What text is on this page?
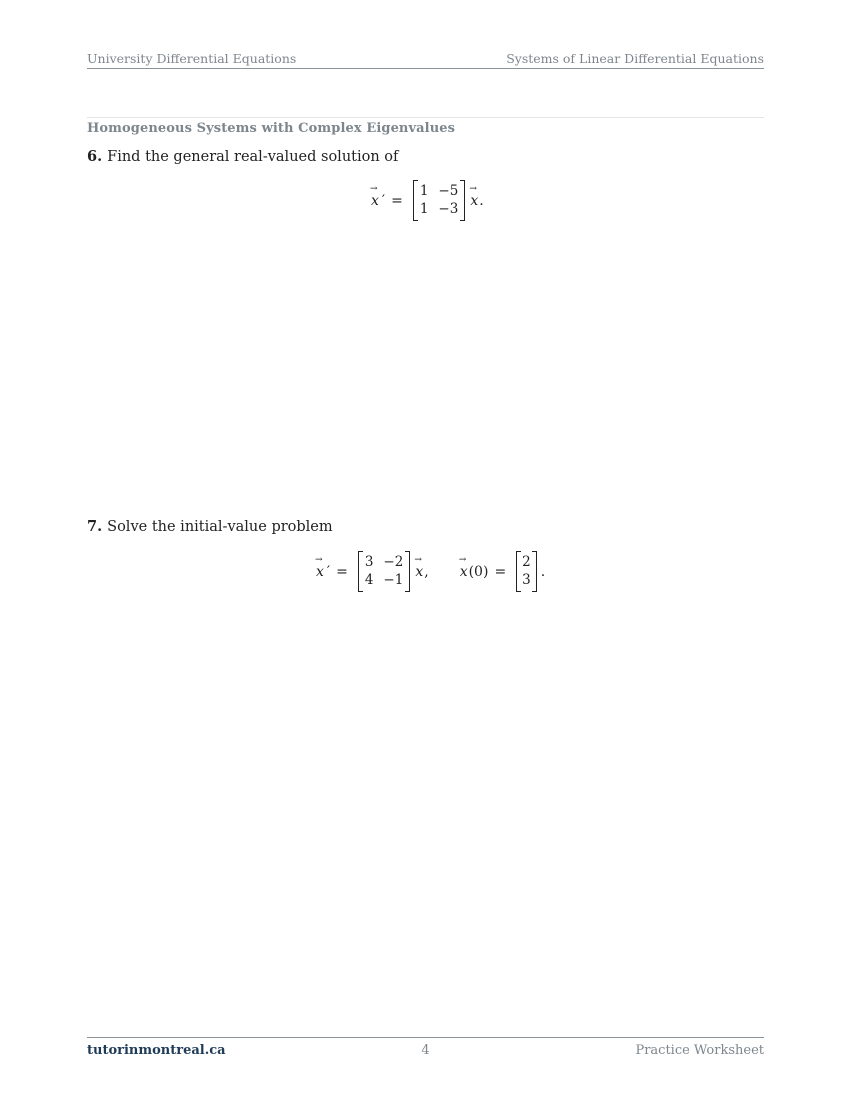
University Differential Equations	Systems of Linear Differential Equations
Homogeneous Systems with Complex Eigenvalues
6. Find the general real-valued solution of
→ x ′ =
1 −5
1 −3
→ x .
7. Solve the initial-value problem
→ x ′ =
3 −2
4 −1
→ x ,
→ x (0) =
2
3
.
tutorinmontreal.ca	4	Practice Worksheet
